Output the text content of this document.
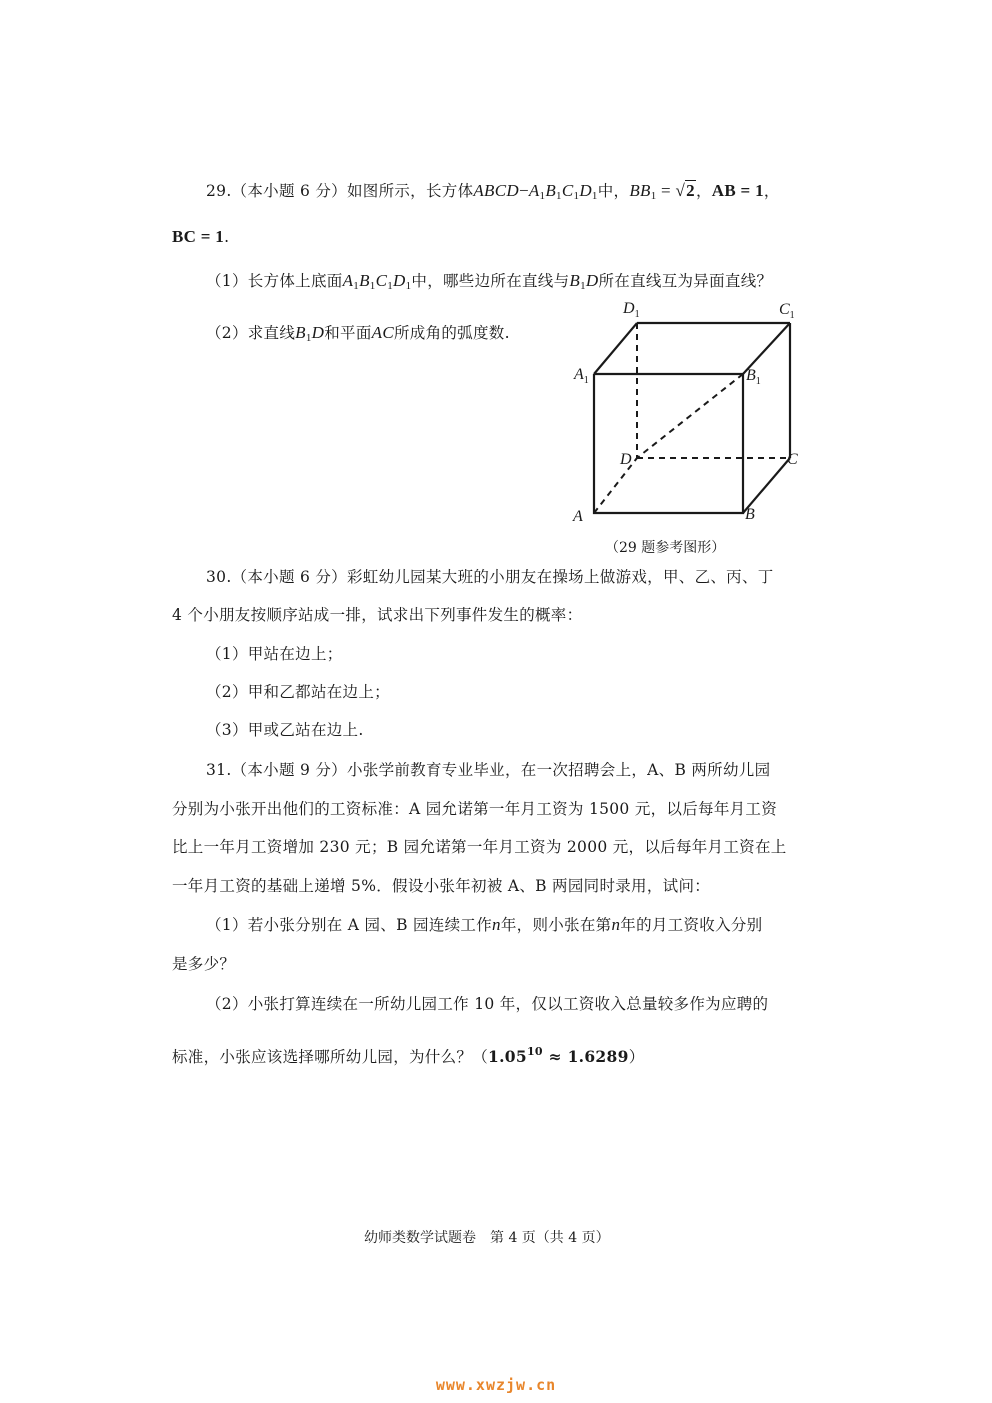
29.（本小题 6 分）如图所示，长方体$ABCD-A_1B_1C_1D_1$中，$BB_1 = √2$，AB = 1，
BC = 1.
（1）长方体上底面$A_1B_1C_1D_1$中，哪些边所在直线与$B_1D$所在直线互为异面直线？
（2）求直线$B_1D$和平面AC所成角的弧度数.
$D_1$	$C_1$
$A_1$	$B_1$
D	C
A	B
（29 题参考图形）
30.（本小题 6 分）彩虹幼儿园某大班的小朋友在操场上做游戏，甲、乙、丙、丁
4 个小朋友按顺序站成一排，试求出下列事件发生的概率：
（1）甲站在边上；
（2）甲和乙都站在边上；
（3）甲或乙站在边上.
31.（本小题 9 分）小张学前教育专业毕业，在一次招聘会上，A、B 两所幼儿园
分别为小张开出他们的工资标准：A 园允诺第一年月工资为 1500 元，以后每年月工资
比上一年月工资增加 230 元；B 园允诺第一年月工资为 2000 元，以后每年月工资在上
一年月工资的基础上递增 5%．假设小张年初被 A、B 两园同时录用，试问：
（1）若小张分别在 A 园、B 园连续工作n年，则小张在第n年的月工资收入分别
是多少？
（2）小张打算连续在一所幼儿园工作 10 年，仅以工资收入总量较多作为应聘的
标准，小张应该选择哪所幼儿园，为什么？$(1.05^{10} \approx 1.6289)$
幼师类数学试题卷　第 4 页（共 4 页）
www.xwzjw.cn
